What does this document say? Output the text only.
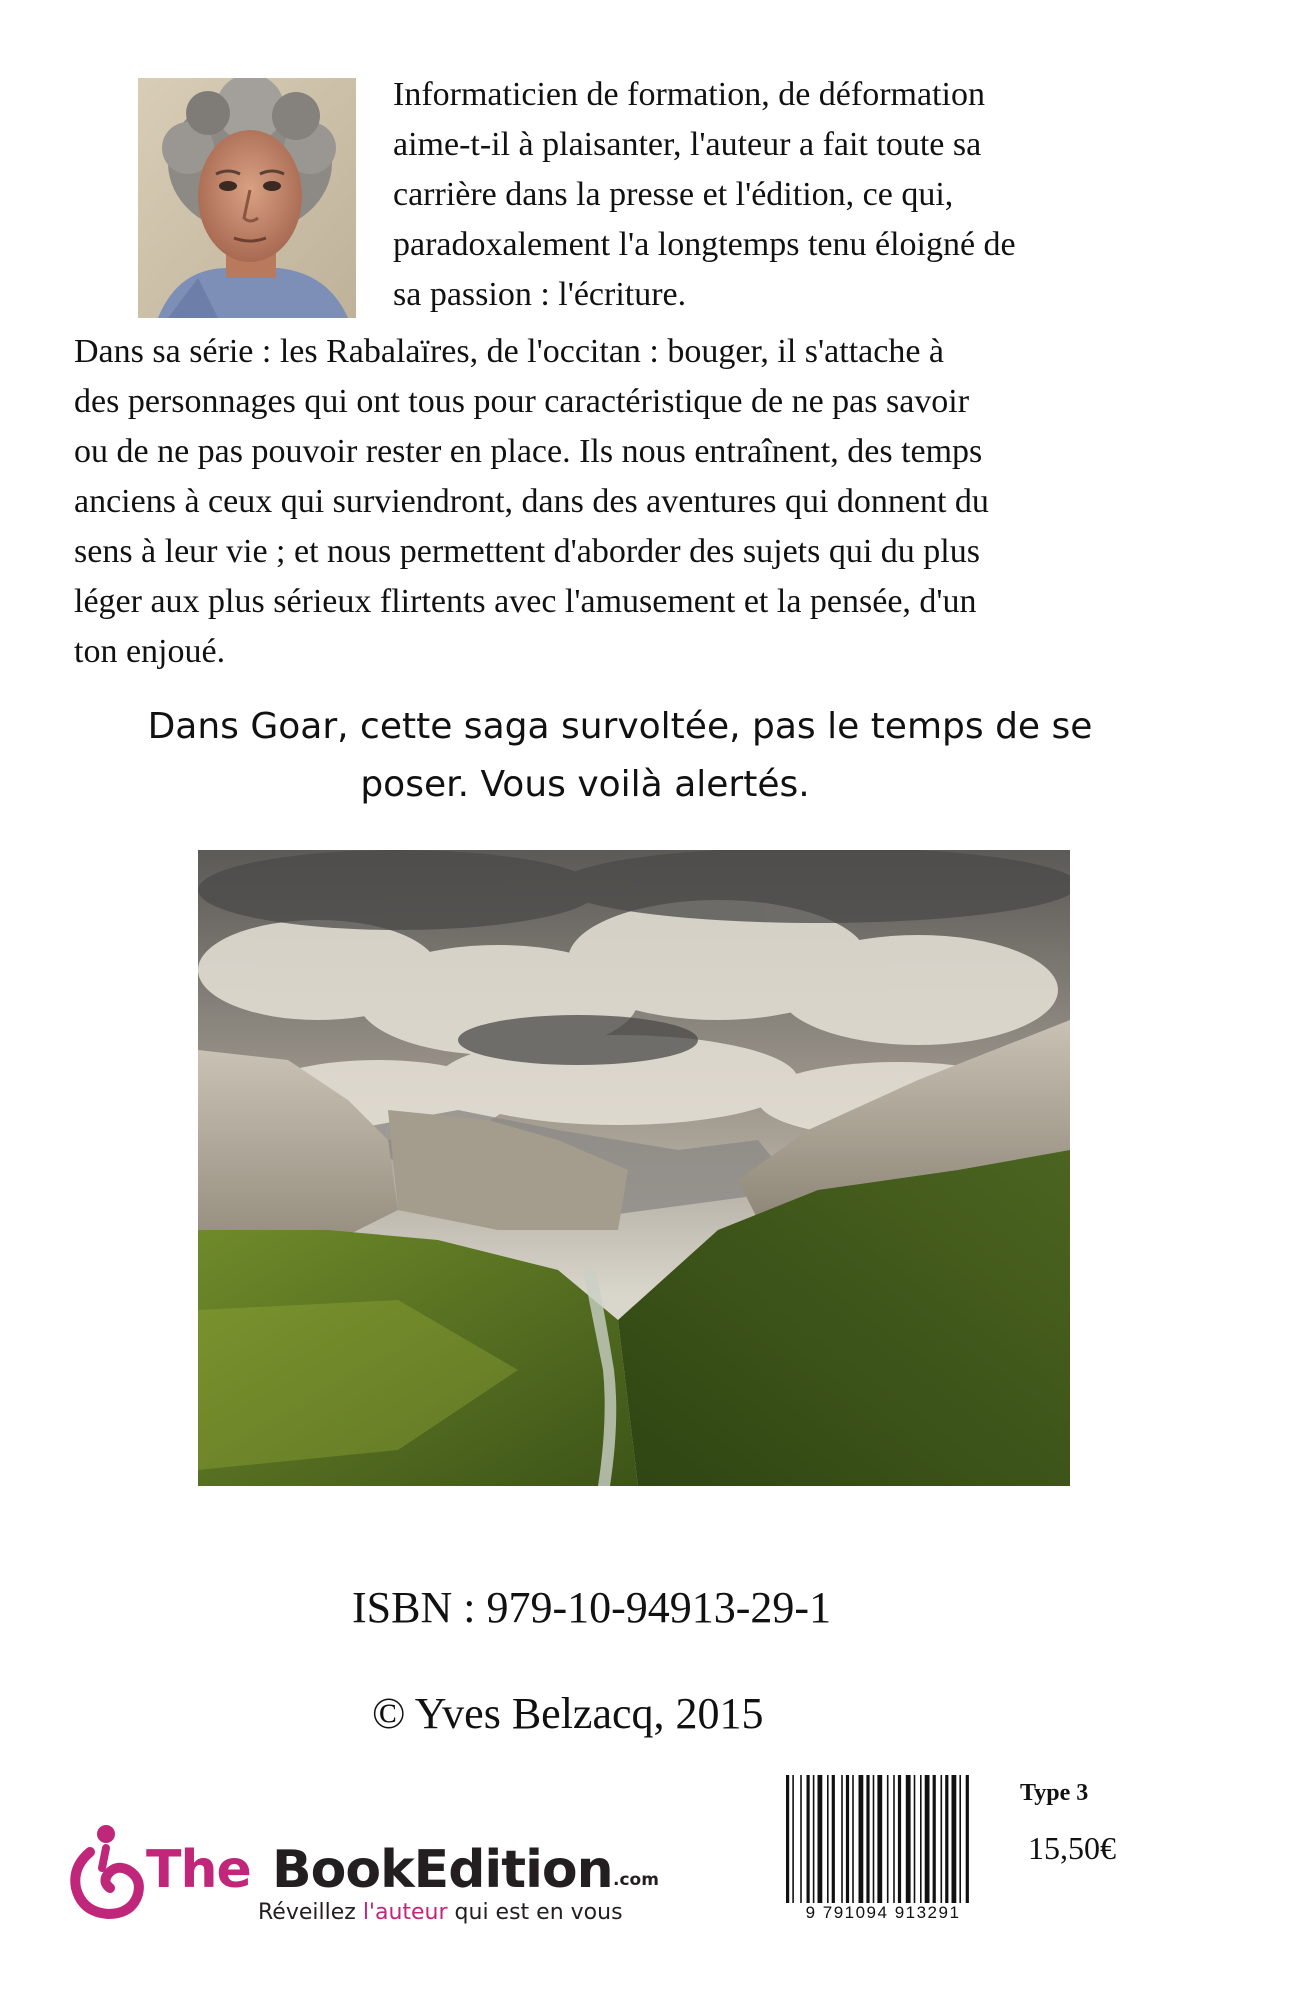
Informaticien de formation, de déformation
aime-t-il à plaisanter, l'auteur a fait toute sa
carrière dans la presse et l'édition, ce qui,
paradoxalement l'a longtemps tenu éloigné de
sa passion : l'écriture.
Dans sa série : les Rabalaïres, de l'occitan : bouger, il s'attache à
des personnages qui ont tous pour caractéristique de ne pas savoir
ou de ne pas pouvoir rester en place. Ils nous entraînent, des temps
anciens à ceux qui surviendront, dans des aventures qui donnent du
sens à leur vie ; et nous permettent d'aborder des sujets qui du plus
léger aux plus sérieux flirtents avec l'amusement et la pensée, d'un
ton enjoué.
Dans Goar, cette saga survoltée, pas le temps de se
poser. Vous voilà alertés.
ISBN : 979-10-94913-29-1
© Yves Belzacq, 2015
The BookEdition .com
Réveillez l'auteur qui est en vous	9 791094 913291
Type 3
15,50€
